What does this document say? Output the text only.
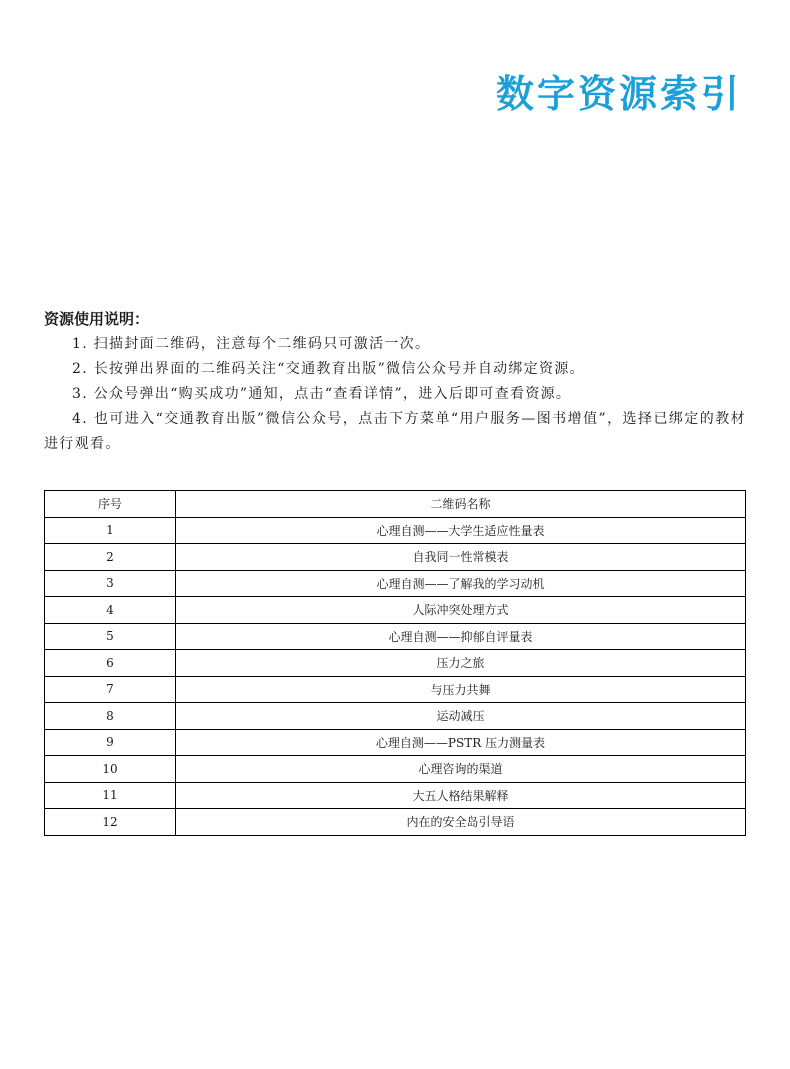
数字资源索引

资源使用说明：

1. 扫描封面二维码，注意每个二维码只可激活一次。

2. 长按弹出界面的二维码关注“交通教育出版”微信公众号并自动绑定资源。

3. 公众号弹出“购买成功”通知，点击“查看详情”，进入后即可查看资源。

4. 也可进入“交通教育出版”微信公众号，点击下方菜单“用户服务—图书增值”，选择已绑定的教材进行观看。

序号	二维码名称
1	心理自测——大学生适应性量表
2	自我同一性常模表
3	心理自测——了解我的学习动机
4	人际冲突处理方式
5	心理自测——抑郁自评量表
6	压力之旅
7	与压力共舞
8	运动减压
9	心理自测——PSTR 压力测量表
10	心理咨询的渠道
11	大五人格结果解释
12	内在的安全岛引导语
